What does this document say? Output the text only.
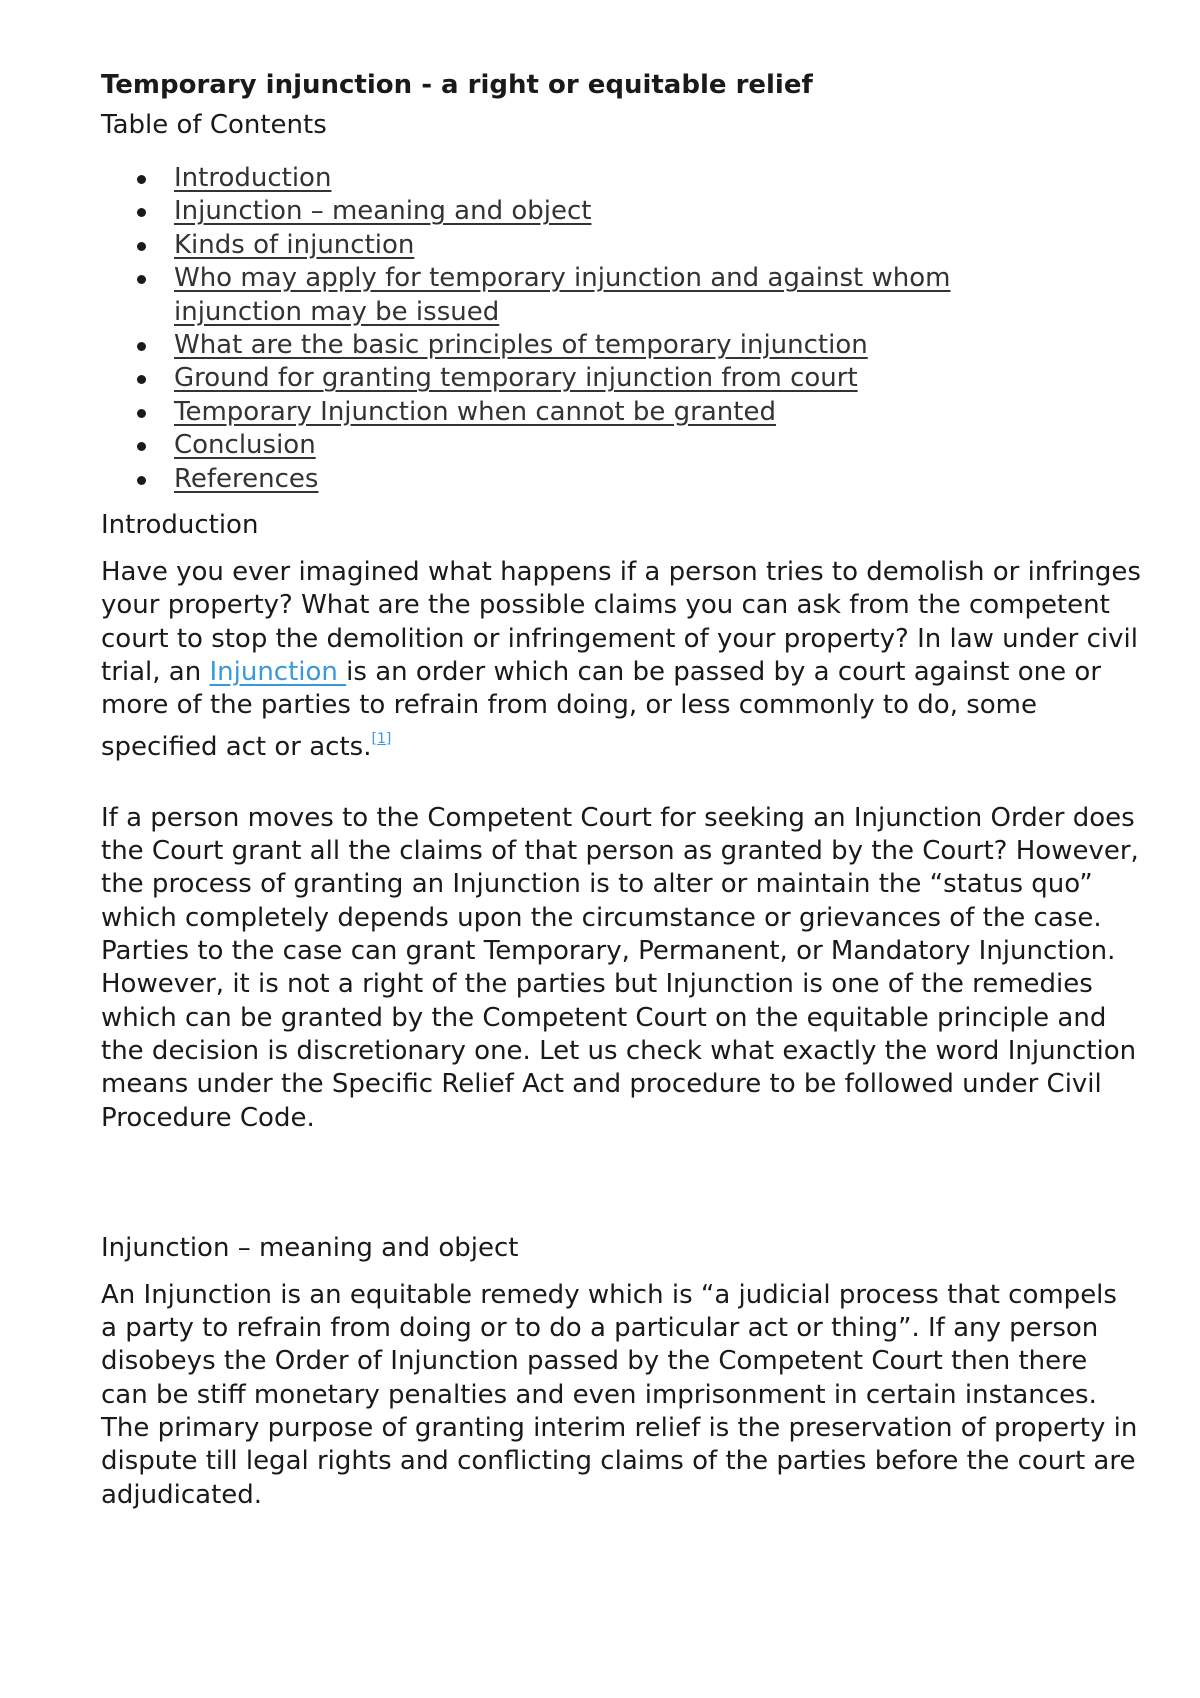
Temporary injunction - a right or equitable relief
Table of Contents
Introduction
Injunction – meaning and object
Kinds of injunction
Who may apply for temporary injunction and against whom injunction may be issued
What are the basic principles of temporary injunction
Ground for granting temporary injunction from court
Temporary Injunction when cannot be granted
Conclusion
References
Introduction

Have you ever imagined what happens if a person tries to demolish or infringes your property? What are the possible claims you can ask from the competent court to stop the demolition or infringement of your property? In law under civil trial, an Injunction is an order which can be passed by a court against one or more of the parties to refrain from doing, or less commonly to do, some specified act or acts.[1]

If a person moves to the Competent Court for seeking an Injunction Order does the Court grant all the claims of that person as granted by the Court? However, the process of granting an Injunction is to alter or maintain the “status quo” which completely depends upon the circumstance or grievances of the case. Parties to the case can grant Temporary, Permanent, or Mandatory Injunction. However, it is not a right of the parties but Injunction is one of the remedies which can be granted by the Competent Court on the equitable principle and the decision is discretionary one. Let us check what exactly the word Injunction means under the Specific Relief Act and procedure to be followed under Civil Procedure Code.

Injunction – meaning and object

An Injunction is an equitable remedy which is “a judicial process that compels a party to refrain from doing or to do a particular act or thing”. If any person disobeys the Order of Injunction passed by the Competent Court then there can be stiff monetary penalties and even imprisonment in certain instances. The primary purpose of granting interim relief is the preservation of property in dispute till legal rights and conflicting claims of the parties before the court are adjudicated.
